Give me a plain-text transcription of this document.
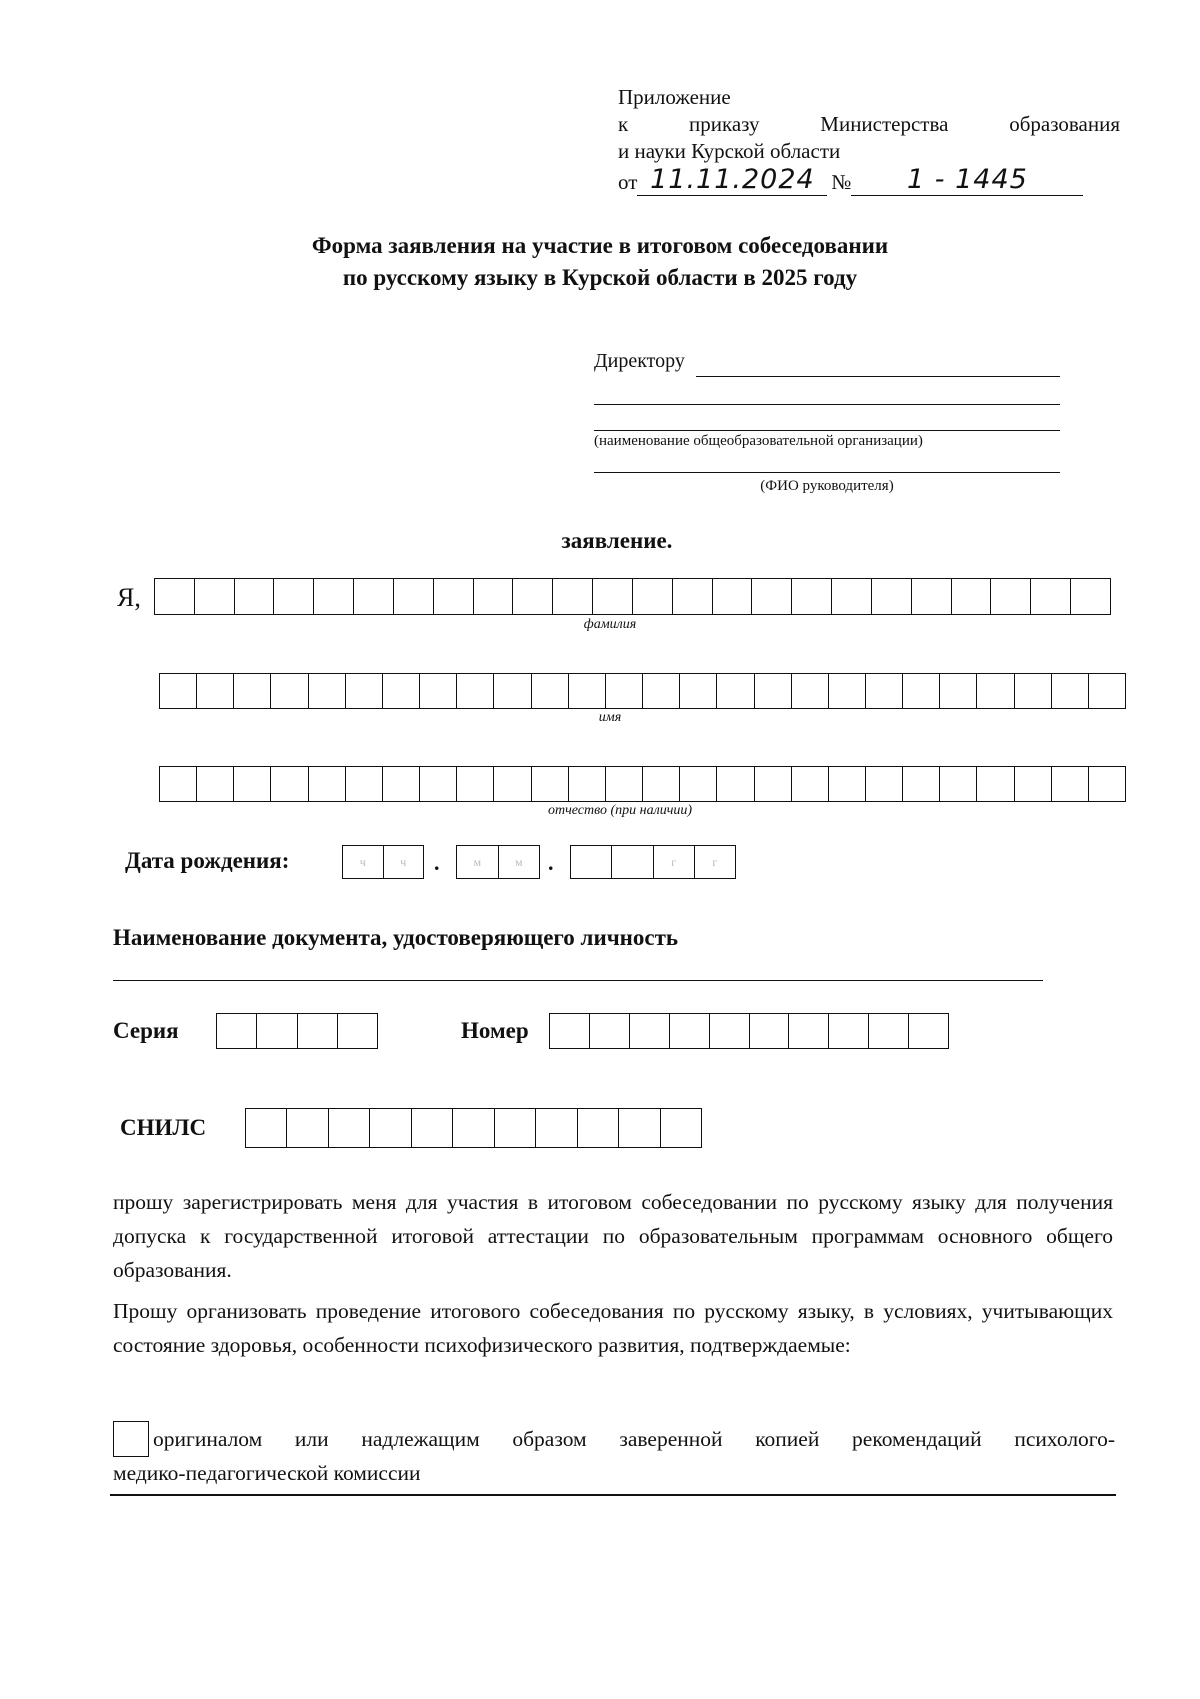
Приложение
к	приказу	Министерства	образования
и науки Курской области
от 11.11.2024 №	1 - 1445
Форма заявления на участие в итоговом собеседовании
по русскому языку в Курской области в 2025 году
Директору
(наименование общеобразовательной организации)
(ФИО руководителя)
заявление.
Я,
фамилия
имя
отчество (при наличии)
Дата рождения:	ч	ч	.	м	м	.	г	г
Наименование документа, удостоверяющего личность
Серия	Номер
СНИЛС
прошу зарегистрировать меня для участия в итоговом собеседовании по русскому языку для получения допуска к государственной итоговой аттестации по образовательным программам основного общего образования.
Прошу организовать проведение итогового собеседования по русскому языку, в условиях, учитывающих состояние здоровья, особенности психофизического развития, подтверждаемые:
оригиналом или надлежащим образом заверенной копией рекомендаций психолого-
медико-педагогической комиссии
